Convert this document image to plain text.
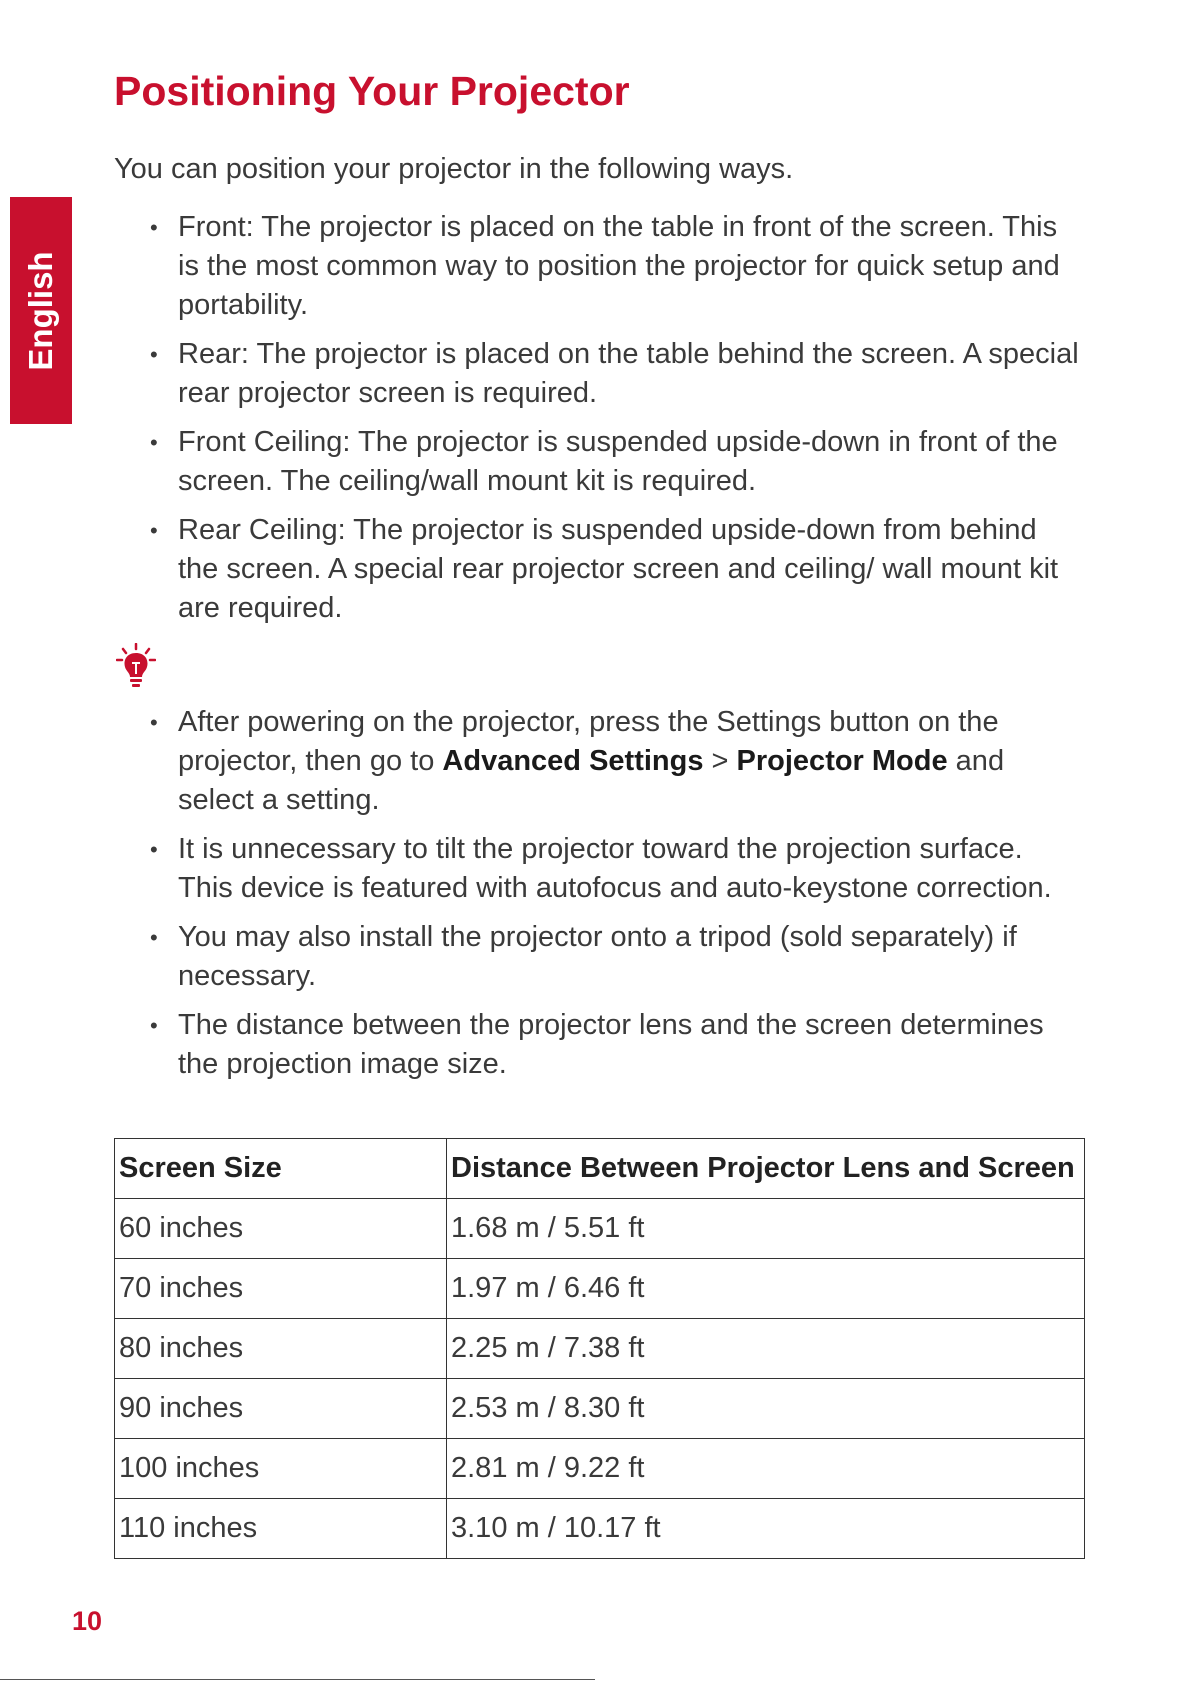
English
Positioning Your Projector

You can position your projector in the following ways.

• Front: The projector is placed on the table in front of the screen. This is the most common way to position the projector for quick setup and portability.
• Rear: The projector is placed on the table behind the screen. A special rear projector screen is required.
• Front Ceiling: The projector is suspended upside-down in front of the screen. The ceiling/wall mount kit is required.
• Rear Ceiling: The projector is suspended upside-down from behind the screen. A special rear projector screen and ceiling/ wall mount kit are required.
• After powering on the projector, press the Settings button on the projector, then go to Advanced Settings > Projector Mode and select a setting.
• It is unnecessary to tilt the projector toward the projection surface. This device is featured with autofocus and auto-keystone correction.
• You may also install the projector onto a tripod (sold separately) if necessary.
• The distance between the projector lens and the screen determines the projection image size.
Screen Size	Distance Between Projector Lens and Screen
60 inches	1.68 m / 5.51 ft
70 inches	1.97 m / 6.46 ft
80 inches	2.25 m / 7.38 ft
90 inches	2.53 m / 8.30 ft
100 inches	2.81 m / 9.22 ft
110 inches	3.10 m / 10.17 ft
10
